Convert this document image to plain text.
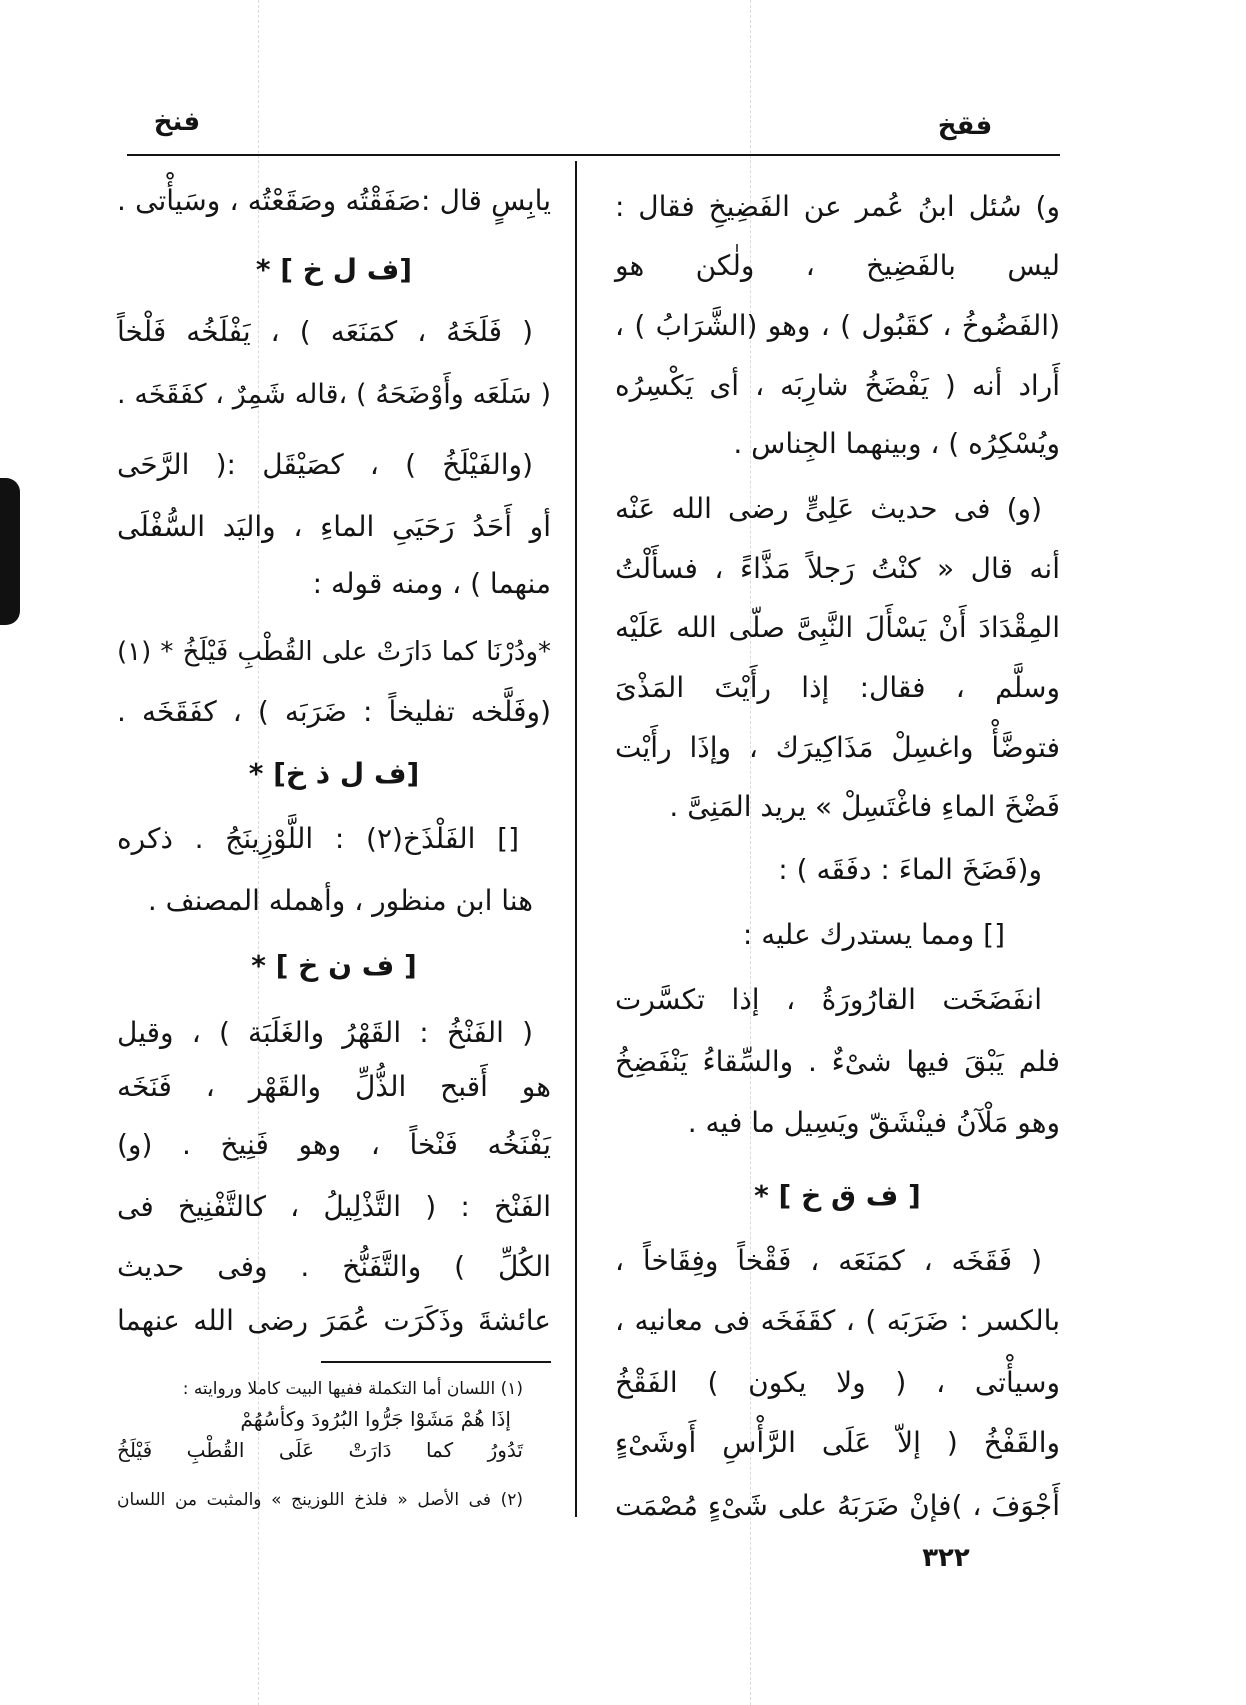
فنخ	فقخ
و) سُئل ابنُ عُمر عن الفَضِيخِ فقال :
ليس بالفَضِيخ ، ولٰكن هو
(الفَضُوخُ ، كقَبُول ) ، وهو (الشَّرَابُ ) ،
أَراد أنه ( يَفْضَخُ شارِبَه ، أى يَكْسِرُه
ويُسْكِرُه ) ، وبينهما الجِناس .
(و) فى حديث عَلِىٍّ رضى الله عَنْه
أنه قال « كنْتُ رَجلاً مَذَّاءً ، فسأَلْتُ
المِقْدَادَ أَنْ يَسْأَلَ النَّبِىَّ صلّى الله عَلَيْه
وسلَّم ، فقال: إذا رأَيْتَ المَذْىَ
فتوضَّأْ واغسِلْ مَذَاكِيرَك ، وإذَا رأَيْت
فَضْخَ الماءِ فاغْتَسِلْ » يريد المَنِىَّ .
و(فَضَخَ الماءَ : دفَقَه ) :
[] ومما يستدرك عليه :
انفَضَخَت القارُورَةُ ، إذا تكسَّرت
فلم يَبْقَ فيها شىْءٌ . والسِّقاءُ يَنْفَضِخُ
وهو مَلْآنُ فينْشَقّ ويَسِيل ما فيه .
[ ف ق خ ] *
( فَقَخَه ، كمَنَعَه ، فَقْخاً وفِقَاخاً ،
بالكسر : ضَرَبَه ) ، كقَفَخَه فى معانيه ،
وسيأْتى ، ( ولا يكون ) الفَقْخُ
والقَفْخُ ( إلاّ عَلَى الرَّأْسِ أَوشَىْءٍ
أَجْوَفَ ، )فإنْ ضَرَبَهُ على شَىْءٍ مُصْمَت
يابِسٍ قال :صَفَقْتُه وصَقَعْتُه ، وسَيأْتى .
[ف ل خ ] *
( فَلَخَهُ ، كمَنَعَه ) ، يَفْلَخُه فَلْخاً
( سَلَعَه وأَوْضَحَهُ ) ،قاله شَمِرٌ ، كفَقَخَه .
(والفَيْلَخُ ) ، كصَيْقَل :( الرَّحَى
أو أَحَدُ رَحَيَىِ الماءِ ، واليَد السُّفْلَى
منهما ) ، ومنه قوله :
*ودُرْنَا كما دَارَتْ على القُطْبِ فَيْلَخُ * (١)
(وفَلَّخه تفليخاً : ضَرَبَه ) ، كفَقَخَه .
[ف ل ذ خ] *
[] الفَلْذَخ(٢) : اللَّوْزِينَجُ . ذكره
هنا ابن منظور ، وأهمله المصنف .
[ ف ن خ ] *
( الفَنْخُ : القَهْرُ والغَلَبَة ) ، وقيل
هو أَقبح الذُّلِّ والقَهْر ، فَنَخَه
يَفْنَخُه فَنْخاً ، وهو فَنِيخ . (و)
الفَنْخ : ( التَّذْلِيلُ ، كالتَّفْنِيخ فى
الكُلِّ ) والتَّفَنُّخ . وفى حديث
عائشةَ وذَكَرَت عُمَرَ رضى الله عنهما
(١) اللسان أما التكملة ففيها البيت كاملا وروايته :
إذَا هُمْ مَشَوْا جَرُّوا البُرُودَ وكأسُهُمْ
تَدُورُ كما دَارَتْ عَلَى القُطْبِ فَيْلَخُ
(٢) فى الأصل « فلذخ اللوزينج » والمثبت من اللسان
٣٢٢
